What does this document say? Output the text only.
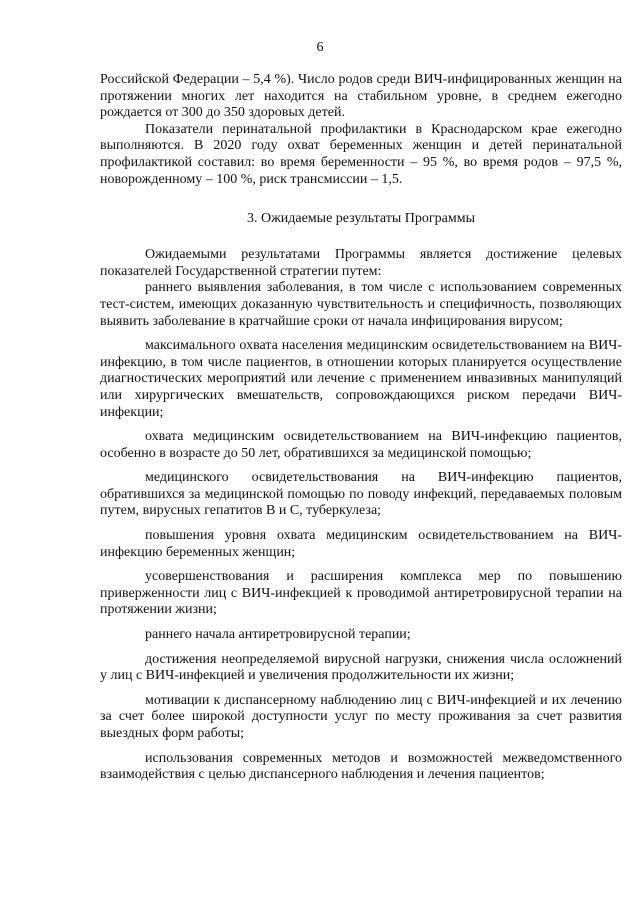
6

Российской Федерации – 5,4 %). Число родов среди ВИЧ-инфицированных женщин на протяжении многих лет находится на стабильном уровне, в среднем ежегодно рождается от 300 до 350 здоровых детей.

Показатели перинатальной профилактики в Краснодарском крае ежегодно выполняются. В 2020 году охват беременных женщин и детей перинатальной профилактикой составил: во время беременности – 95 %, во время родов – 97,5 %, новорожденному – 100 %, риск трансмиссии – 1,5.

3. Ожидаемые результаты Программы

Ожидаемыми результатами Программы является достижение целевых показателей Государственной стратегии путем:

раннего выявления заболевания, в том числе с использованием современных тест-систем, имеющих доказанную чувствительность и специфичность, позволяющих выявить заболевание в кратчайшие сроки от начала инфицирования вирусом;

максимального охвата населения медицинским освидетельствованием на ВИЧ-инфекцию, в том числе пациентов, в отношении которых планируется осуществление диагностических мероприятий или лечение с применением инвазивных манипуляций или хирургических вмешательств, сопровождающихся риском передачи ВИЧ-инфекции;

охвата медицинским освидетельствованием на ВИЧ-инфекцию пациентов, особенно в возрасте до 50 лет, обратившихся за медицинской помощью;

медицинского освидетельствования на ВИЧ-инфекцию пациентов, обратившихся за медицинской помощью по поводу инфекций, передаваемых половым путем, вирусных гепатитов В и С, туберкулеза;

повышения уровня охвата медицинским освидетельствованием на ВИЧ-инфекцию беременных женщин;

усовершенствования и расширения комплекса мер по повышению приверженности лиц с ВИЧ-инфекцией к проводимой антиретровирусной терапии на протяжении жизни;

раннего начала антиретровирусной терапии;

достижения неопределяемой вирусной нагрузки, снижения числа осложнений у лиц с ВИЧ-инфекцией и увеличения продолжительности их жизни;

мотивации к диспансерному наблюдению лиц с ВИЧ-инфекцией и их лечению за счет более широкой доступности услуг по месту проживания за счет развития выездных форм работы;

использования современных методов и возможностей межведомственного взаимодействия с целью диспансерного наблюдения и лечения пациентов;
